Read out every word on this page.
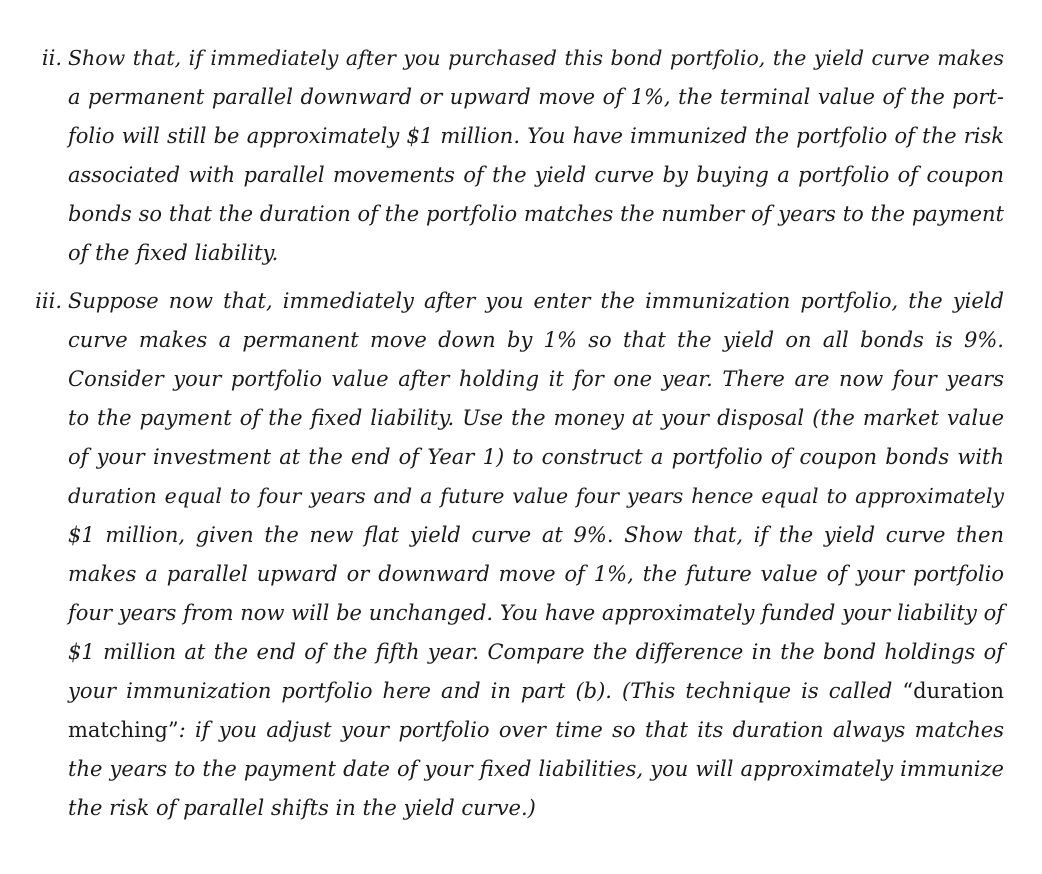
ii. Show that, if immediately after you purchased this bond portfolio, the yield curve makes
a permanent parallel downward or upward move of 1%, the terminal value of the port-
folio will still be approximately $1 million. You have immunized the portfolio of the risk
associated with parallel movements of the yield curve by buying a portfolio of coupon
bonds so that the duration of the portfolio matches the number of years to the payment
of the fixed liability.
iii. Suppose now that, immediately after you enter the immunization portfolio, the yield
curve makes a permanent move down by 1% so that the yield on all bonds is 9%.
Consider your portfolio value after holding it for one year. There are now four years
to the payment of the fixed liability. Use the money at your disposal (the market value
of your investment at the end of Year 1) to construct a portfolio of coupon bonds with
duration equal to four years and a future value four years hence equal to approximately
$1 million, given the new flat yield curve at 9%. Show that, if the yield curve then
makes a parallel upward or downward move of 1%, the future value of your portfolio
four years from now will be unchanged. You have approximately funded your liability of
$1 million at the end of the fifth year. Compare the difference in the bond holdings of
your immunization portfolio here and in part (b). (This technique is called “duration
matching”: if you adjust your portfolio over time so that its duration always matches
the years to the payment date of your fixed liabilities, you will approximately immunize
the risk of parallel shifts in the yield curve.)
